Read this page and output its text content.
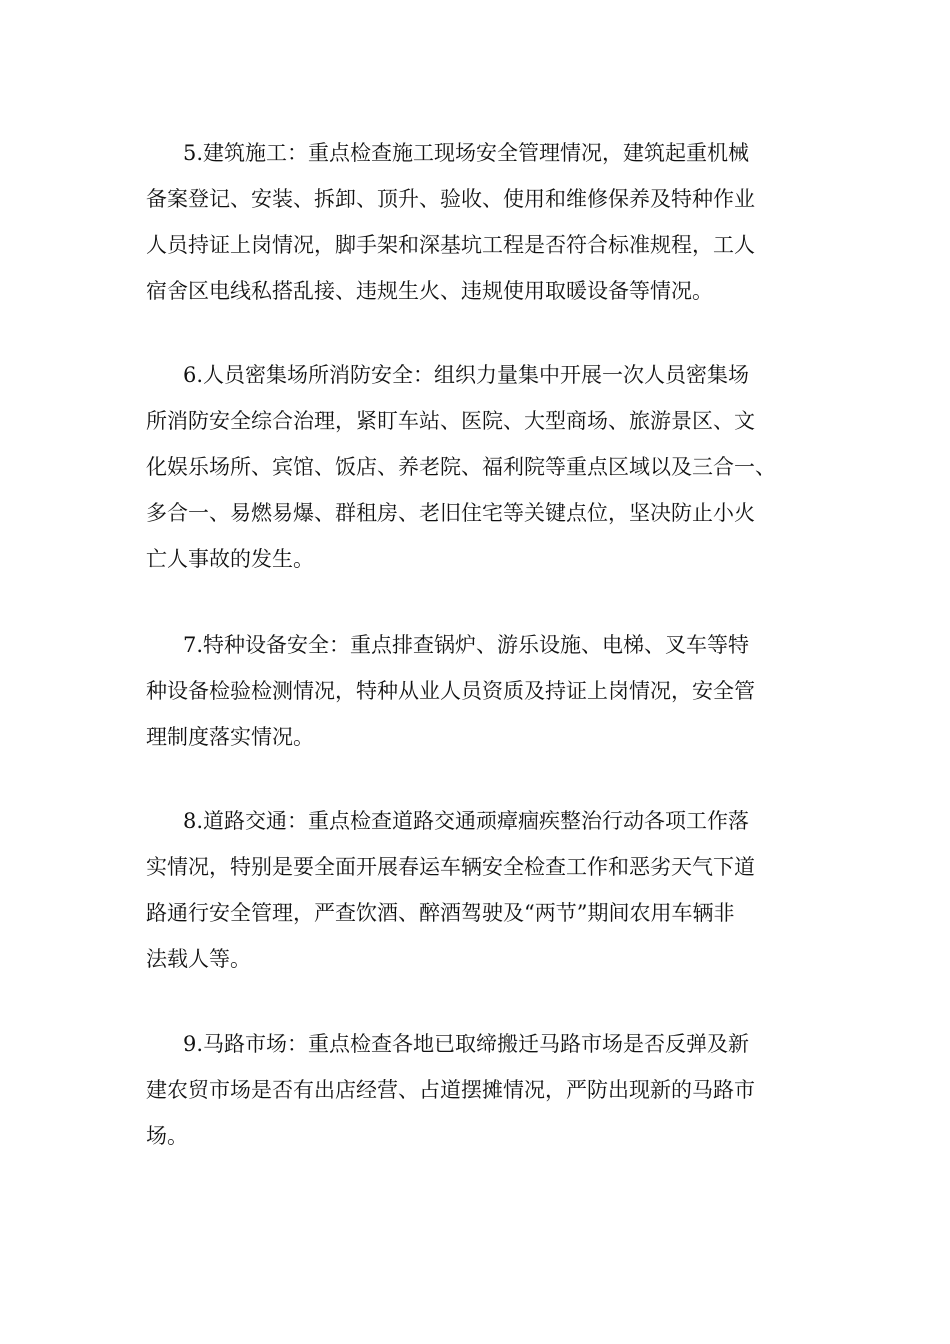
5.建筑施工：重点检查施工现场安全管理情况，建筑起重机械
备案登记、安装、拆卸、顶升、验收、使用和维修保养及特种作业
人员持证上岗情况，脚手架和深基坑工程是否符合标准规程，工人
宿舍区电线私搭乱接、违规生火、违规使用取暖设备等情况。

6.人员密集场所消防安全：组织力量集中开展一次人员密集场
所消防安全综合治理，紧盯车站、医院、大型商场、旅游景区、文
化娱乐场所、宾馆、饭店、养老院、福利院等重点区域以及三合一、
多合一、易燃易爆、群租房、老旧住宅等关键点位，坚决防止小火
亡人事故的发生。

7.特种设备安全：重点排查锅炉、游乐设施、电梯、叉车等特
种设备检验检测情况，特种从业人员资质及持证上岗情况，安全管
理制度落实情况。

8.道路交通：重点检查道路交通顽瘴痼疾整治行动各项工作落
实情况，特别是要全面开展春运车辆安全检查工作和恶劣天气下道
路通行安全管理，严查饮酒、醉酒驾驶及“两节”期间农用车辆非
法载人等。

9.马路市场：重点检查各地已取缔搬迁马路市场是否反弹及新
建农贸市场是否有出店经营、占道摆摊情况，严防出现新的马路市
场。
